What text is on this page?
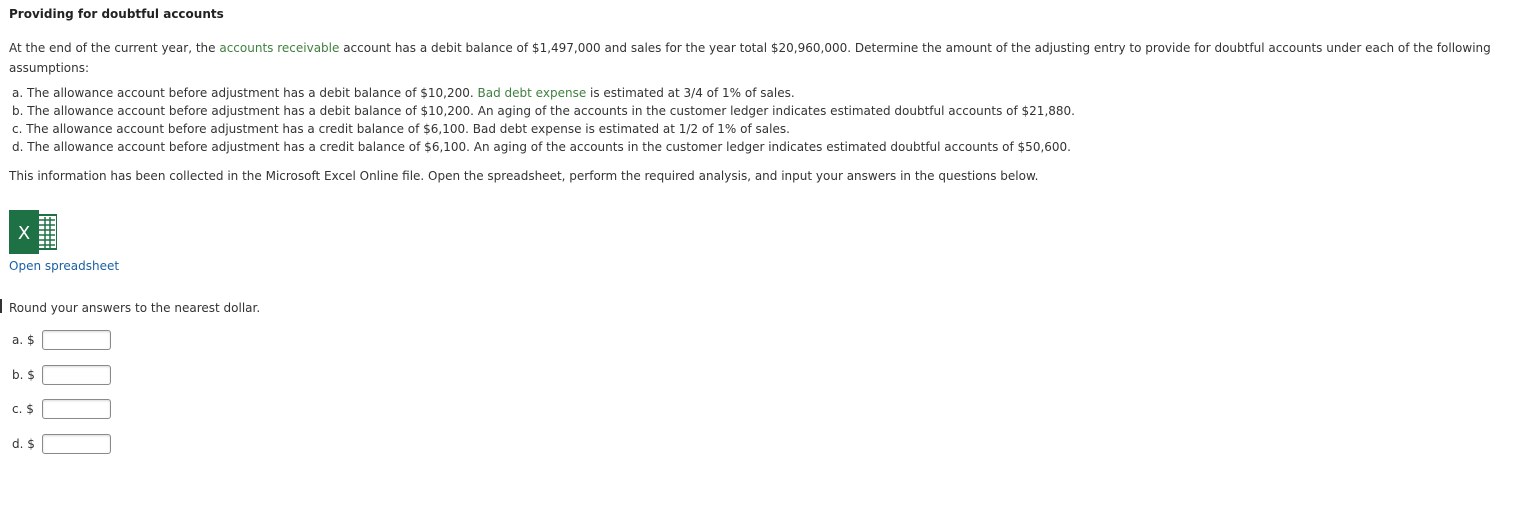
Providing for doubtful accounts
At the end of the current year, the accounts receivable account has a debit balance of $1,497,000 and sales for the year total $20,960,000. Determine the amount of the adjusting entry to provide for doubtful accounts under each of the following assumptions:
a. The allowance account before adjustment has a debit balance of $10,200. Bad debt expense is estimated at 3/4 of 1% of sales.
b. The allowance account before adjustment has a debit balance of $10,200. An aging of the accounts in the customer ledger indicates estimated doubtful accounts of $21,880.
c. The allowance account before adjustment has a credit balance of $6,100. Bad debt expense is estimated at 1/2 of 1% of sales.
d. The allowance account before adjustment has a credit balance of $6,100. An aging of the accounts in the customer ledger indicates estimated doubtful accounts of $50,600.
This information has been collected in the Microsoft Excel Online file. Open the spreadsheet, perform the required analysis, and input your answers in the questions below.
X
Open spreadsheet
Round your answers to the nearest dollar.
a. $
b. $
c. $
d. $
